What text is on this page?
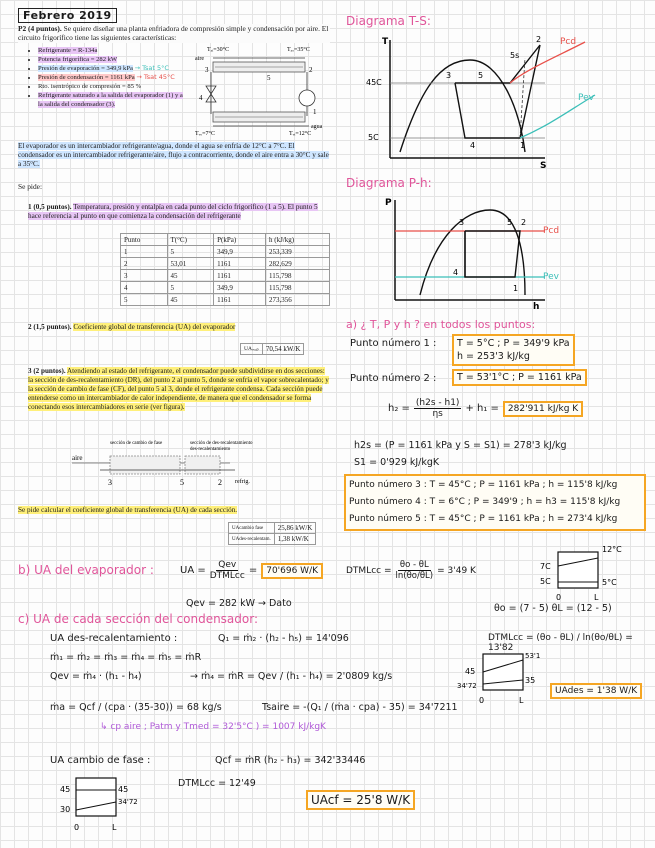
Febrero 2019
P2 (4 puntos). Se quiere diseñar una planta enfriadora de compresión simple y condensación por aire. El circuito frigorífico tiene las siguientes características:
• Refrigerante = R-134a
• Potencia frigorífica = 282 kW
• Presión de evaporación = 349,9 kPa → Tsat 5°C
• Presión de condensación = 1161 kPa → Tsat 45°C
• Rto. isentrópico de compresión = 85 %
• Refrigerante saturado a la salida del evaporador (1) y a la salida del condensador (3).
Tₐᵢ=30°C	Tₐₒ=35°C
aire
3
5
2
4
1
agua
Tᵥₒ=7°C	Tᵥᵢ=12°C
El evaporador es un intercambiador refrigerante/agua, donde el agua se enfría de 12°C a 7°C. El condensador es un intercambiador refrigerante/aire, flujo a contracorriente, donde el aire entra a 30°C y sale a 35°C.
Se pide:
1 (0,5 puntos). Temperatura, presión y entalpía en cada punto del ciclo frigorífico (1 a 5). El punto 5 hace referencia al punto en que comienza la condensación del refrigerante
Punto	T(°C)	P(kPa)	h (kJ/kg)
1	5	349,9	253,339
2	53,01	1161	282,629
3	45	1161	115,798
4	5	349,9	115,798
5	45	1161	273,356
2 (1,5 puntos). Coeficiente global de transferencia (UA) del evaporador
UAₑᵥₐₚ	70,54 kW/K
3 (2 puntos). Atendiendo al estado del refrigerante, el condensador puede subdividirse en dos secciones: la sección de des-recalentamiento (DR), del punto 2 al punto 5, donde se enfría el vapor sobrecalentado; y la sección de cambio de fase (CF), del punto 5 al 3, donde el refrigerante condensa. Cada sección puede entenderse como un intercambiador de calor independiente, de manera que el condensador se forma conectando esos intercambiadores en serie (ver figura).
sección de cambio de fase	sección de des-recalentamiento
des-recalentamiento
aire
3	5	2 refrig.
Se pide calcular el coeficiente global de transferencia (UA) de cada sección.
UAcambio fase	25,86 kW/K
UAdes-recalentam.	1,38 kW/K
Diagrama T-S:
T
S
45C
5C
Pcd
Pev
1
2
3
4
5
5s
Diagrama P-h:
P
h
Pcd
Pev
3	5 2
4
1
a) ¿ T, P y h ? en todos los puntos:
Punto número 1 : T = 5°C ; P = 349'9 kPa
h = 253'3 kJ/kg
Punto número 2 :	T = 53'1°C ; P = 1161 kPa
$h_2 = \frac{(h2s - h1)}{\eta s} + h_1$ =	282'911 kJ/kg K
h2s = (P = 1161 kPa y S = S1) = 278'3 kJ/kg
S1 = 0'929 kJ/kgK
Punto número 3 : T = 45°C ; P = 1161 kPa ; h = 115'8 kJ/kg
Punto número 4 : T = 6°C ; P = 349'9 ; h = h3 = 115'8 kJ/kg
Punto número 5 : T = 45°C ; P = 1161 kPa ; h = 273'4 kJ/kg
b) UA del evaporador :	UA = Qev
DTMLcc =	70'696 W/K	DTMLcc = $\frac{\theta o - \theta L}{\ln(\theta o/\theta L)} = 3'49$ K
12°C
7C
5C	5°C
0	L
Qev = 282 kW → Dato	θo = (7 - 5) θL = (12 - 5)
c) UA de cada sección del condensador:
UA des-recalentamiento :	Q₁ = ṁ₂ · (h₂ - h₅) = 14'096	DTMLcc = (θo - θL) / ln(θo/θL) = 13'82
ṁ₁ = ṁ₂ = ṁ₃ = ṁ₄ = ṁ₅ = ṁR
Qev = ṁ₄ · (h₁ - h₄)	→ ṁ₄ = ṁR = Qev / (h₁ - h₄) = 2'0809 kg/s	45
53'1
34'72
35
0	L
UAdes = 1'38 W/K
ṁa = Qcf / (cpa · (35-30)) = 68 kg/s	Tsaire = -(Q₁ / (ṁa · cpa) - 35) = 34'7211
↳ cp aire ; Patm y Tmed = 32'5°C ) = 1007 kJ/kgK
UA cambio de fase :	Qcf = ṁR (h₂ - h₃) = 342'33446
45	45
30
34'72
0	L
DTMLcc = 12'49
UAcf = 25'8 W/K
